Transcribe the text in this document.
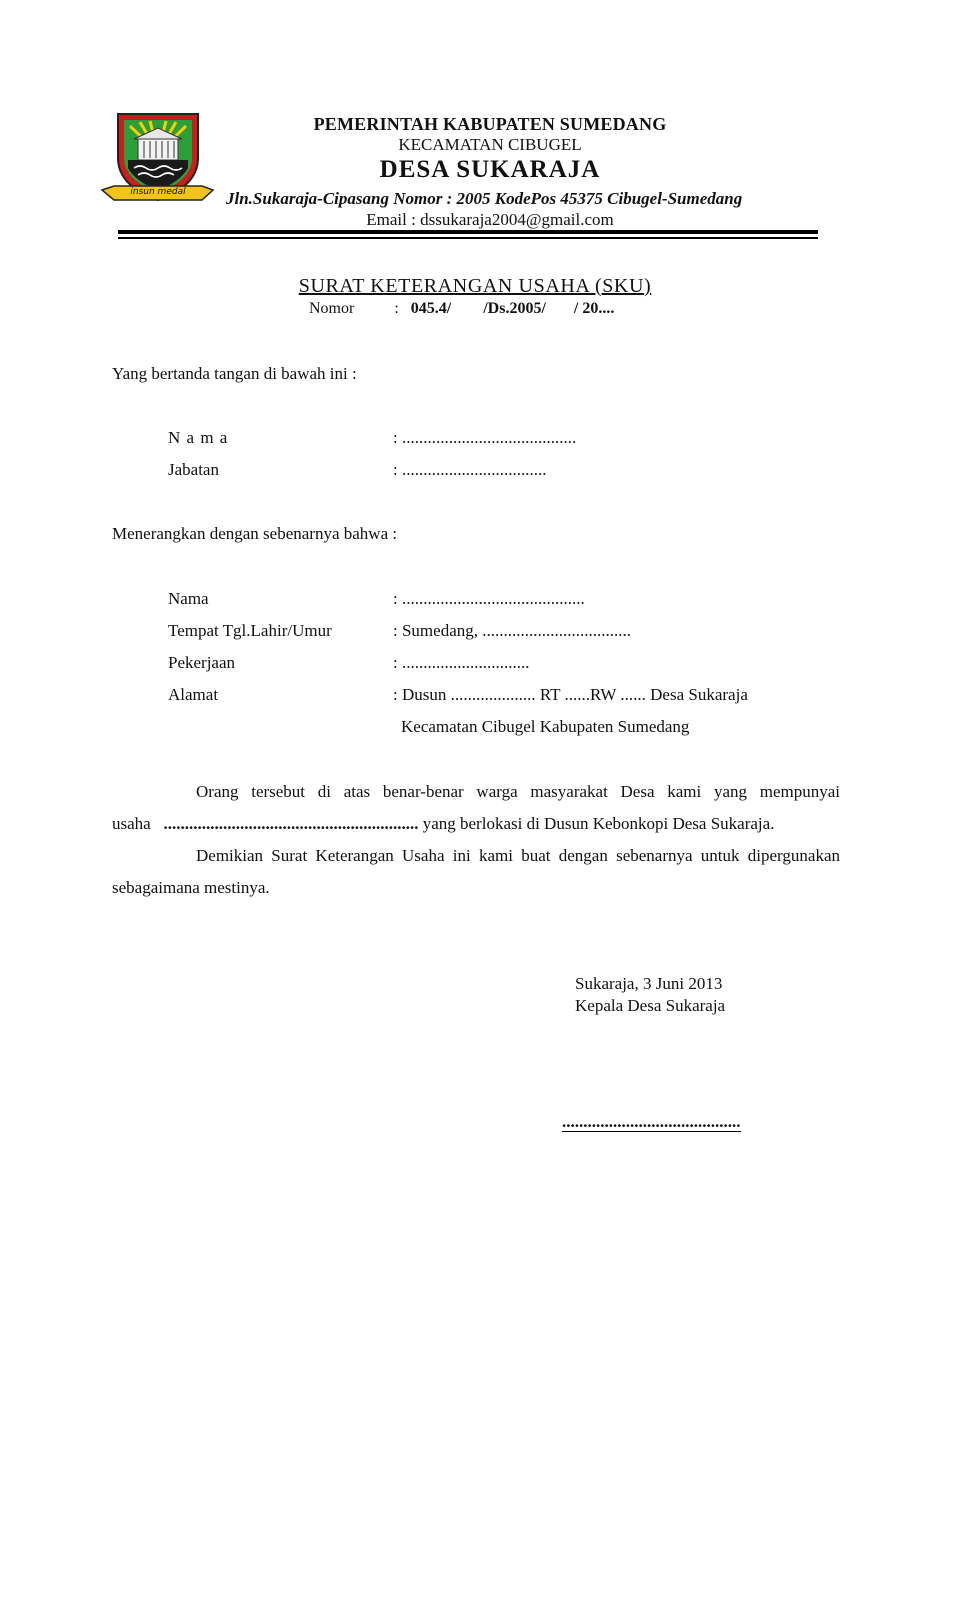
insun medal
PEMERINTAH KABUPATEN SUMEDANG
KECAMATAN CIBUGEL
DESA SUKARAJA
Jln.Sukaraja-Cipasang Nomor : 2005 KodePos 45375 Cibugel-Sumedang
Email : dssukaraja2004@gmail.com
SURAT KETERANGAN USAHA (SKU)
Nomor	: 045.4/ /Ds.2005/ / 20....
Yang bertanda tangan di bawah ini :
N a m a	: .........................................
Jabatan	: ..................................
Menerangkan dengan sebenarnya bahwa :
Nama	: ...........................................
Tempat Tgl.Lahir/Umur	: Sumedang, ...................................
Pekerjaan	: ..............................
Alamat	: Dusun .................... RT ......RW ...... Desa Sukaraja
Kecamatan Cibugel Kabupaten Sumedang
Orang tersebut di atas benar-benar warga masyarakat Desa kami yang mempunyai usaha ............................................................ yang berlokasi di Dusun Kebonkopi Desa Sukaraja.
Demikian Surat Keterangan Usaha ini kami buat dengan sebenarnya untuk dipergunakan sebagaimana mestinya.
Sukaraja, 3 Juni 2013
Kepala Desa Sukaraja
..........................................
